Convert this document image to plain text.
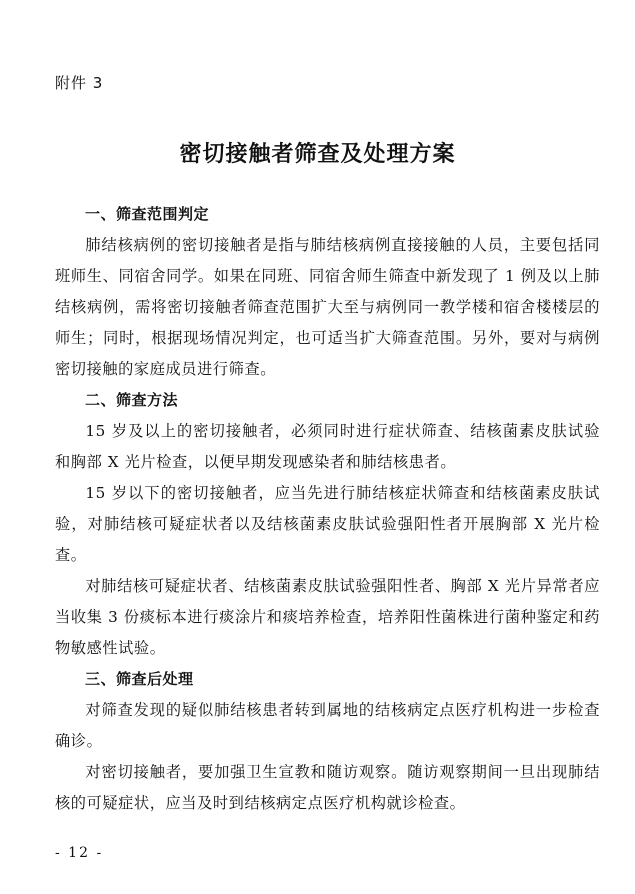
附件 3
密切接触者筛查及处理方案

一、筛查范围判定

肺结核病例的密切接触者是指与肺结核病例直接接触的人员，主要包括同班师生、同宿舍同学。如果在同班、同宿舍师生筛查中新发现了 1 例及以上肺结核病例，需将密切接触者筛查范围扩大至与病例同一教学楼和宿舍楼楼层的师生；同时，根据现场情况判定，也可适当扩大筛查范围。另外，要对与病例密切接触的家庭成员进行筛查。

二、筛查方法

15 岁及以上的密切接触者，必须同时进行症状筛查、结核菌素皮肤试验和胸部 X 光片检查，以便早期发现感染者和肺结核患者。

15 岁以下的密切接触者，应当先进行肺结核症状筛查和结核菌素皮肤试验，对肺结核可疑症状者以及结核菌素皮肤试验强阳性者开展胸部 X 光片检查。

对肺结核可疑症状者、结核菌素皮肤试验强阳性者、胸部 X 光片异常者应当收集 3 份痰标本进行痰涂片和痰培养检查，培养阳性菌株进行菌种鉴定和药物敏感性试验。

三、筛查后处理

对筛查发现的疑似肺结核患者转到属地的结核病定点医疗机构进一步检查确诊。

对密切接触者，要加强卫生宣教和随访观察。随访观察期间一旦出现肺结核的可疑症状，应当及时到结核病定点医疗机构就诊检查。

- 12 -
